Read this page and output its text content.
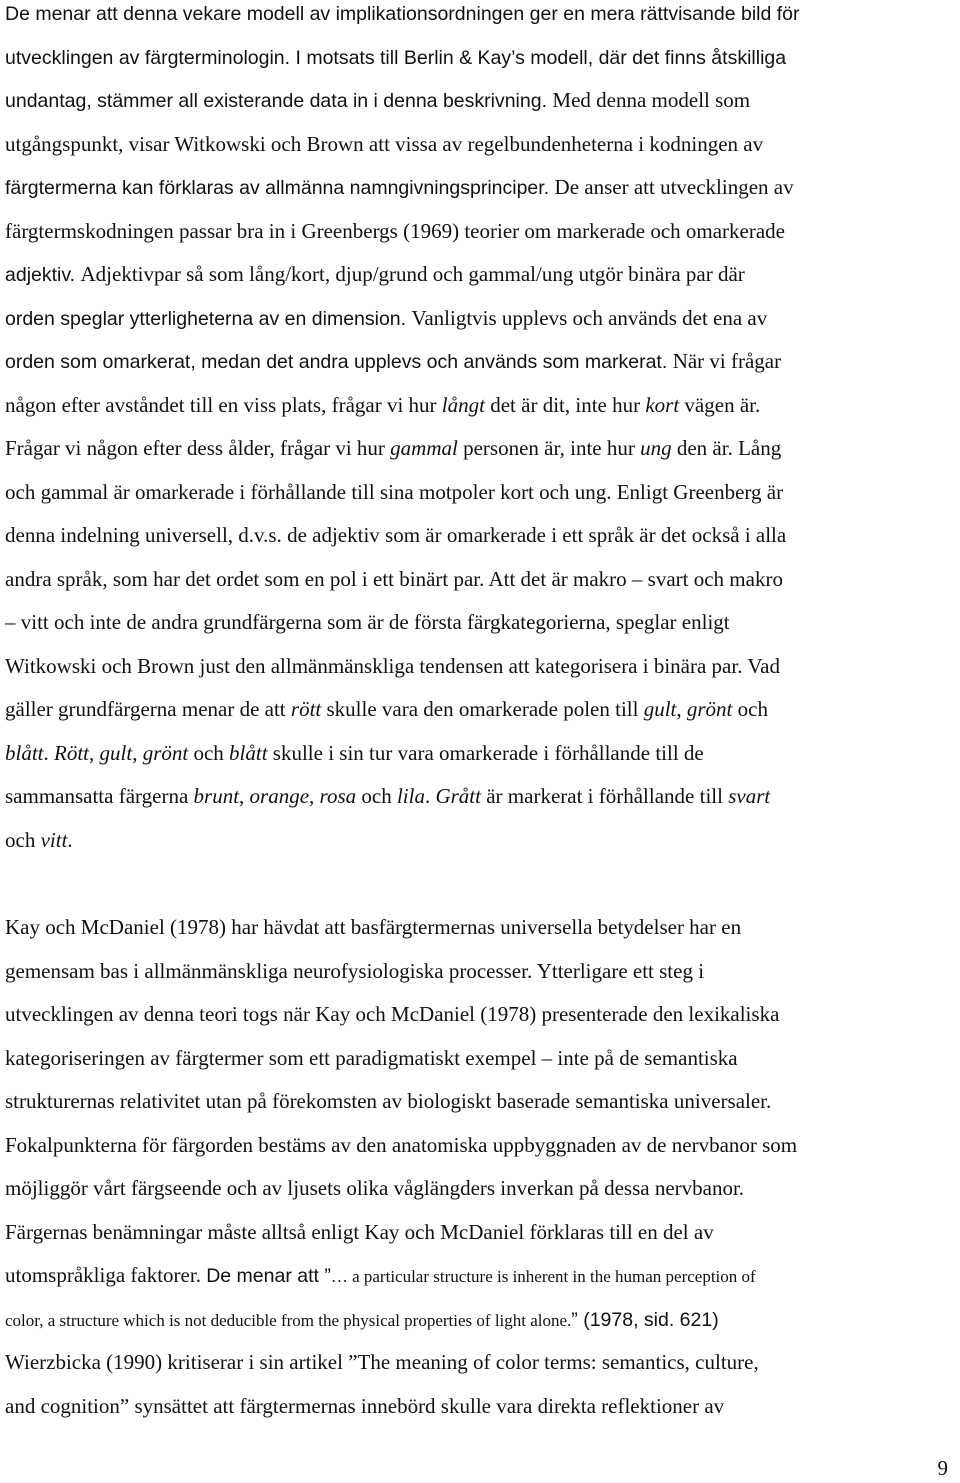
De menar att denna vekare modell av implikationsordningen ger en mera rättvisande bild för
utvecklingen av färgterminologin. I motsats till Berlin & Kay’s modell, där det finns åtskilliga
undantag, stämmer all existerande data in i denna beskrivning. Med denna modell som
utgångspunkt, visar Witkowski och Brown att vissa av regelbundenheterna i kodningen av
färgtermerna kan förklaras av allmänna namngivningsprinciper. De anser att utvecklingen av
färgtermskodningen passar bra in i Greenbergs (1969) teorier om markerade och omarkerade
adjektiv. Adjektivpar så som lång/kort, djup/grund och gammal/ung utgör binära par där
orden speglar ytterligheterna av en dimension. Vanligtvis upplevs och används det ena av
orden som omarkerat, medan det andra upplevs och används som markerat. När vi frågar
någon efter avståndet till en viss plats, frågar vi hur långt det är dit, inte hur kort vägen är.
Frågar vi någon efter dess ålder, frågar vi hur gammal personen är, inte hur ung den är. Lång
och gammal är omarkerade i förhållande till sina motpoler kort och ung. Enligt Greenberg är
denna indelning universell, d.v.s. de adjektiv som är omarkerade i ett språk är det också i alla
andra språk, som har det ordet som en pol i ett binärt par. Att det är makro – svart och makro
– vitt och inte de andra grundfärgerna som är de första färgkategorierna, speglar enligt
Witkowski och Brown just den allmänmänskliga tendensen att kategorisera i binära par. Vad
gäller grundfärgerna menar de att rött skulle vara den omarkerade polen till gult, grönt och
blått. Rött, gult, grönt och blått skulle i sin tur vara omarkerade i förhållande till de
sammansatta färgerna brunt, orange, rosa och lila. Grått är markerat i förhållande till svart
och vitt.
Kay och McDaniel (1978) har hävdat att basfärgtermernas universella betydelser har en
gemensam bas i allmänmänskliga neurofysiologiska processer. Ytterligare ett steg i
utvecklingen av denna teori togs när Kay och McDaniel (1978) presenterade den lexikaliska
kategoriseringen av färgtermer som ett paradigmatiskt exempel – inte på de semantiska
strukturernas relativitet utan på förekomsten av biologiskt baserade semantiska universaler.
Fokalpunkterna för färgorden bestäms av den anatomiska uppbyggnaden av de nervbanor som
möjliggör vårt färgseende och av ljusets olika våglängders inverkan på dessa nervbanor.
Färgernas benämningar måste alltså enligt Kay och McDaniel förklaras till en del av
utomspråkliga faktorer. De menar att ”… a particular structure is inherent in the human perception of
color, a structure which is not deducible from the physical properties of light alone.” (1978, sid. 621)
Wierzbicka (1990) kritiserar i sin artikel ”The meaning of color terms: semantics, culture,
and cognition” synsättet att färgtermernas innebörd skulle vara direkta reflektioner av
9
